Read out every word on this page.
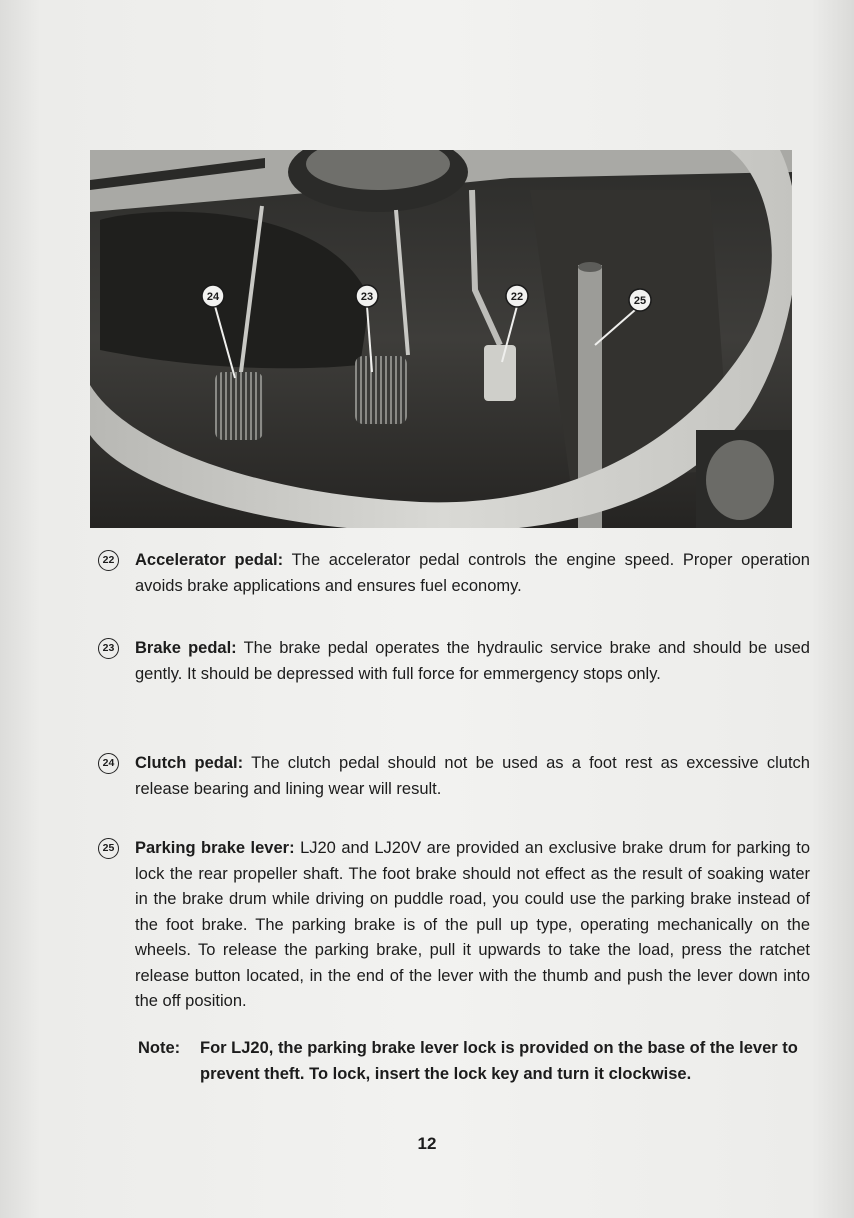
24	23	22	25
22 Accelerator pedal: The accelerator pedal controls the engine speed. Proper operation avoids brake applications and ensures fuel economy.
23 Brake pedal: The brake pedal operates the hydraulic service brake and should be used gently. It should be depressed with full force for emmergency stops only.
24 Clutch pedal: The clutch pedal should not be used as a foot rest as excessive clutch release bearing and lining wear will result.
25 Parking brake lever: LJ20 and LJ20V are provided an exclusive brake drum for parking to lock the rear propeller shaft. The foot brake should not effect as the result of soaking water in the brake drum while driving on puddle road, you could use the parking brake instead of the foot brake. The parking brake is of the pull up type, operating mechanically on the wheels. To release the parking brake, pull it upwards to take the load, press the ratchet release button located, in the end of the lever with the thumb and push the lever down into the off position.
Note: For LJ20, the parking brake lever lock is provided on the base of the lever to prevent theft. To lock, insert the lock key and turn it clockwise.
12
